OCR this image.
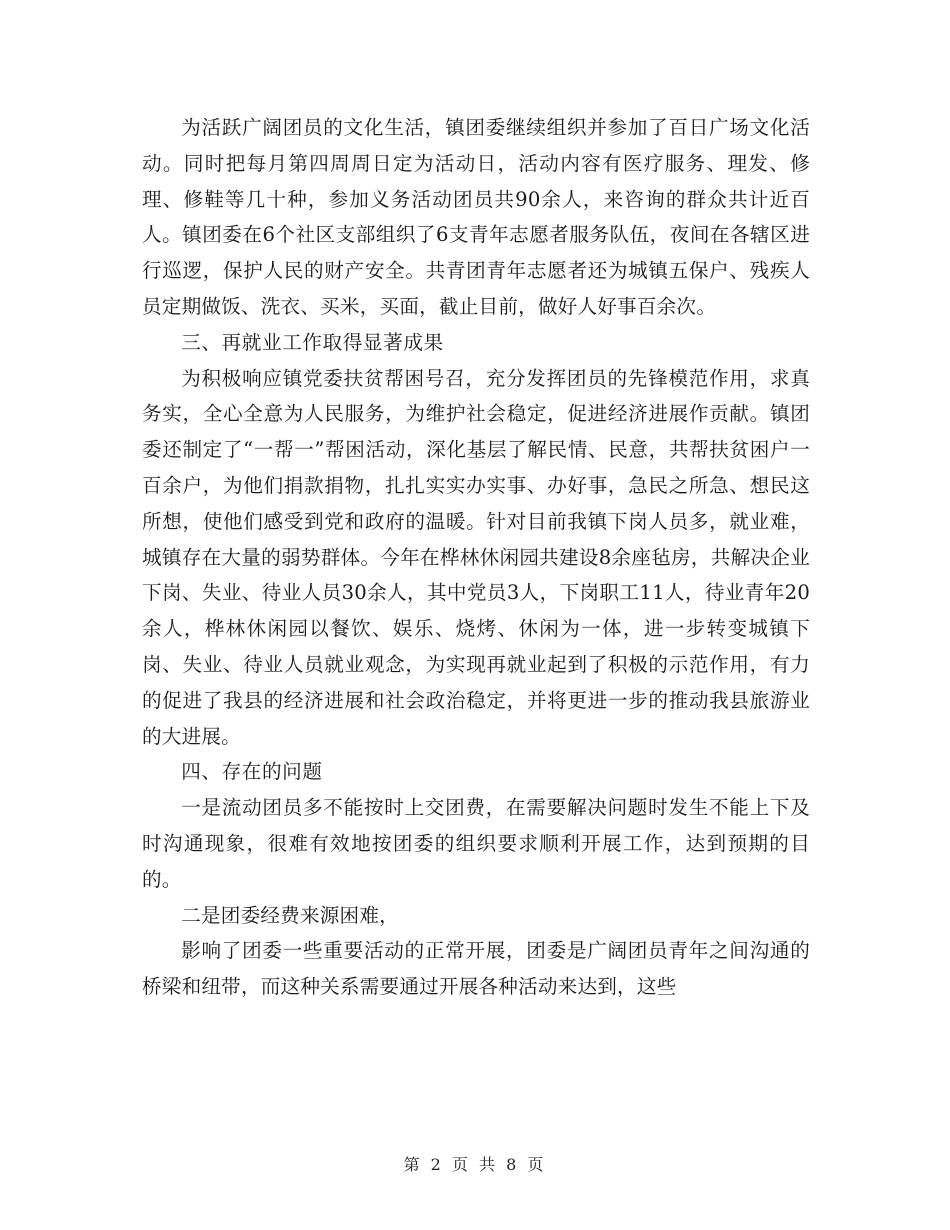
为活跃广阔团员的文化生活，镇团委继续组织并参加了百日广场文化活动。同时把每月第四周周日定为活动日，活动内容有医疗服务、理发、修理、修鞋等几十种，参加义务活动团员共90余人，来咨询的群众共计近百人。镇团委在6个社区支部组织了6支青年志愿者服务队伍，夜间在各辖区进行巡逻，保护人民的财产安全。共青团青年志愿者还为城镇五保户、残疾人员定期做饭、洗衣、买米，买面，截止目前，做好人好事百余次。

三、再就业工作取得显著成果

为积极响应镇党委扶贫帮困号召，充分发挥团员的先锋模范作用，求真务实，全心全意为人民服务，为维护社会稳定，促进经济进展作贡献。镇团委还制定了“一帮一”帮困活动，深化基层了解民情、民意，共帮扶贫困户一百余户，为他们捐款捐物，扎扎实实办实事、办好事，急民之所急、想民这所想，使他们感受到党和政府的温暖。针对目前我镇下岗人员多，就业难，城镇存在大量的弱势群体。今年在桦林休闲园共建设8余座毡房，共解决企业下岗、失业、待业人员30余人，其中党员3人，下岗职工11人，待业青年20余人，桦林休闲园以餐饮、娱乐、烧烤、休闲为一体，进一步转变城镇下岗、失业、待业人员就业观念，为实现再就业起到了积极的示范作用，有力的促进了我县的经济进展和社会政治稳定，并将更进一步的推动我县旅游业的大进展。

四、存在的问题

一是流动团员多不能按时上交团费，在需要解决问题时发生不能上下及时沟通现象，很难有效地按团委的组织要求顺利开展工作，达到预期的目的。

二是团委经费来源困难，

影响了团委一些重要活动的正常开展，团委是广阔团员青年之间沟通的桥梁和纽带，而这种关系需要通过开展各种活动来达到，这些

第 2 页 共 8 页
